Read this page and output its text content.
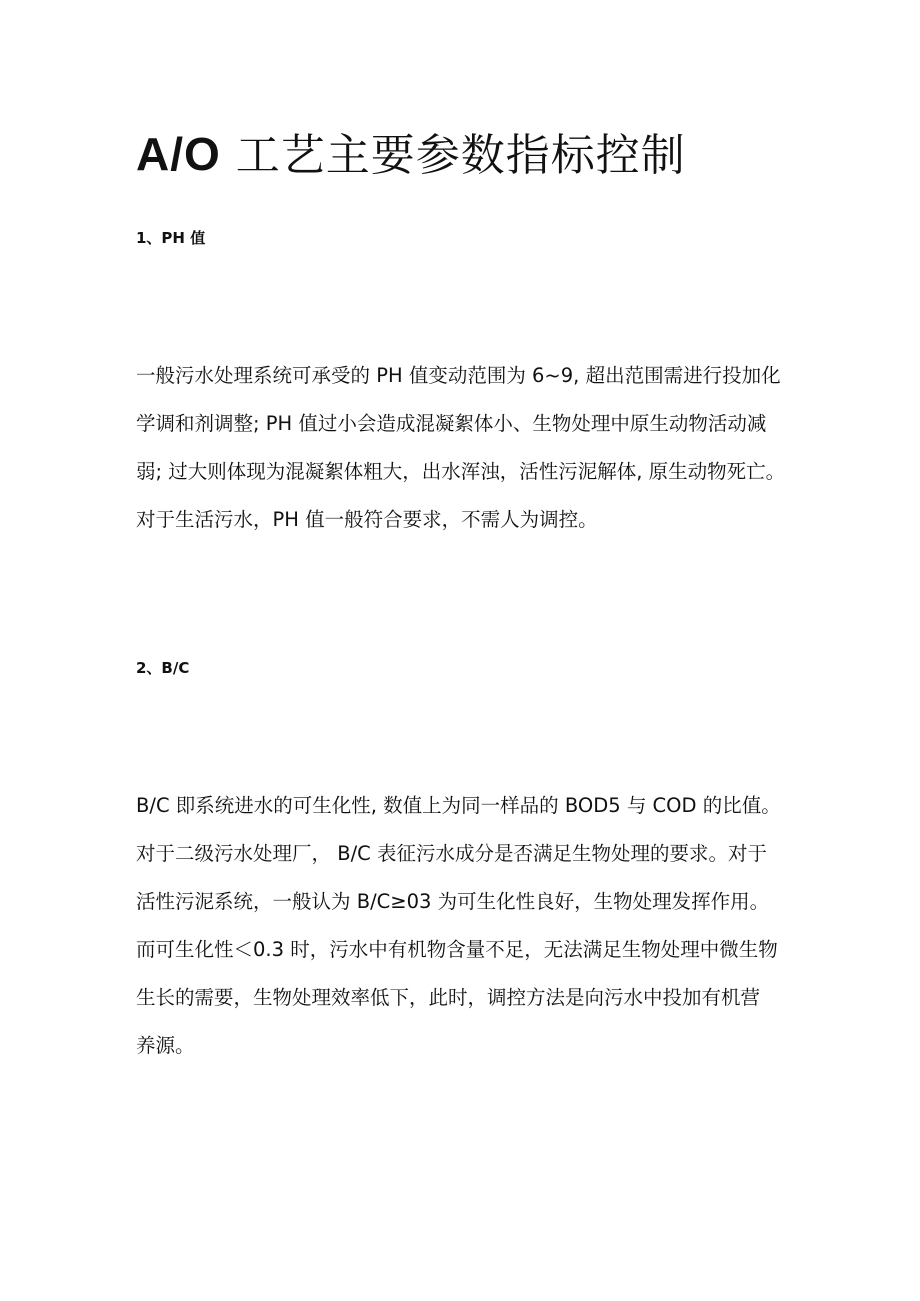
A/O 工艺主要参数指标控制
1、PH 值
一般污水处理系统可承受的 PH 值变动范围为 6~9, 超出范围需进行投加化
学调和剂调整; PH 值过小会造成混凝絮体小、生物处理中原生动物活动减
弱; 过大则体现为混凝絮体粗大，出水浑浊，活性污泥解体, 原生动物死亡。
对于生活污水，PH 值一般符合要求，不需人为调控。
2、B/C
B/C 即系统进水的可生化性, 数值上为同一样品的 BOD5 与 COD 的比值。
对于二级污水处理厂， B/C 表征污水成分是否满足生物处理的要求。对于
活性污泥系统，一般认为 B/C≥03 为可生化性良好，生物处理发挥作用。
而可生化性＜0.3 时，污水中有机物含量不足，无法满足生物处理中微生物
生长的需要，生物处理效率低下，此时，调控方法是向污水中投加有机营
养源。
